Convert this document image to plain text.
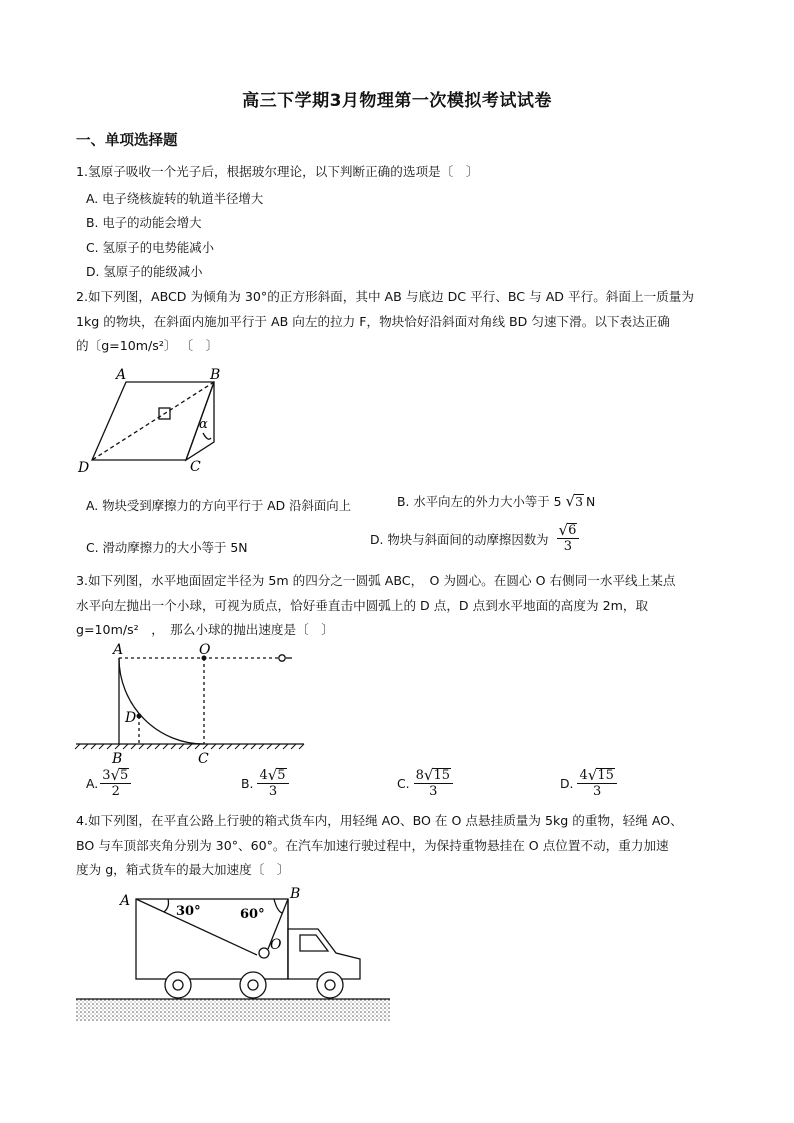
高三下学期3月物理第一次模拟考试试卷
一、单项选择题
1.氢原子吸收一个光子后，根据玻尔理论，以下判断正确的选项是〔　〕
A. 电子绕核旋转的轨道半径增大
B. 电子的动能会增大
C. 氢原子的电势能减小
D. 氢原子的能级减小
2.如下列图，ABCD 为倾角为 30°的正方形斜面，其中 AB 与底边 DC 平行、BC 与 AD 平行。斜面上一质量为
1kg 的物块，在斜面内施加平行于 AB 向左的拉力 F，物块恰好沿斜面对角线 BD 匀速下滑。以下表达正确
的〔g=10m/s²〕 〔　〕
A	B
C
D
α
A. 物块受到摩擦力的方向平行于 AD 沿斜面向上	B. 水平向左的外力大小等于 5 √3 N
C. 滑动摩擦力的大小等于 5N
D. 物块与斜面间的动摩擦因数为 √ 6
3
3.如下列图，水平地面固定半径为 5m 的四分之一圆弧 ABC，　O 为圆心。在圆心 O 右侧同一水平线上某点
水平向左抛出一个小球，可视为质点，恰好垂直击中圆弧上的 D 点，D 点到水平地面的高度为 2m，取
g=10m/s²　，　那么小球的抛出速度是〔　〕
A	O
D
B	C
A.
3 √ 5
2
B.
4 √ 5
3
C.
8 √ 15
3
D.
4 √ 15
3
4.如下列图，在平直公路上行驶的箱式货车内，用轻绳 AO、BO 在 O 点悬挂质量为 5kg 的重物，轻绳 AO、
BO 与车顶部夹角分别为 30°、60°。在汽车加速行驶过程中，为保持重物悬挂在 O 点位置不动，重力加速
度为 g，箱式货车的最大加速度〔　〕
A	B
O
30°	60°
